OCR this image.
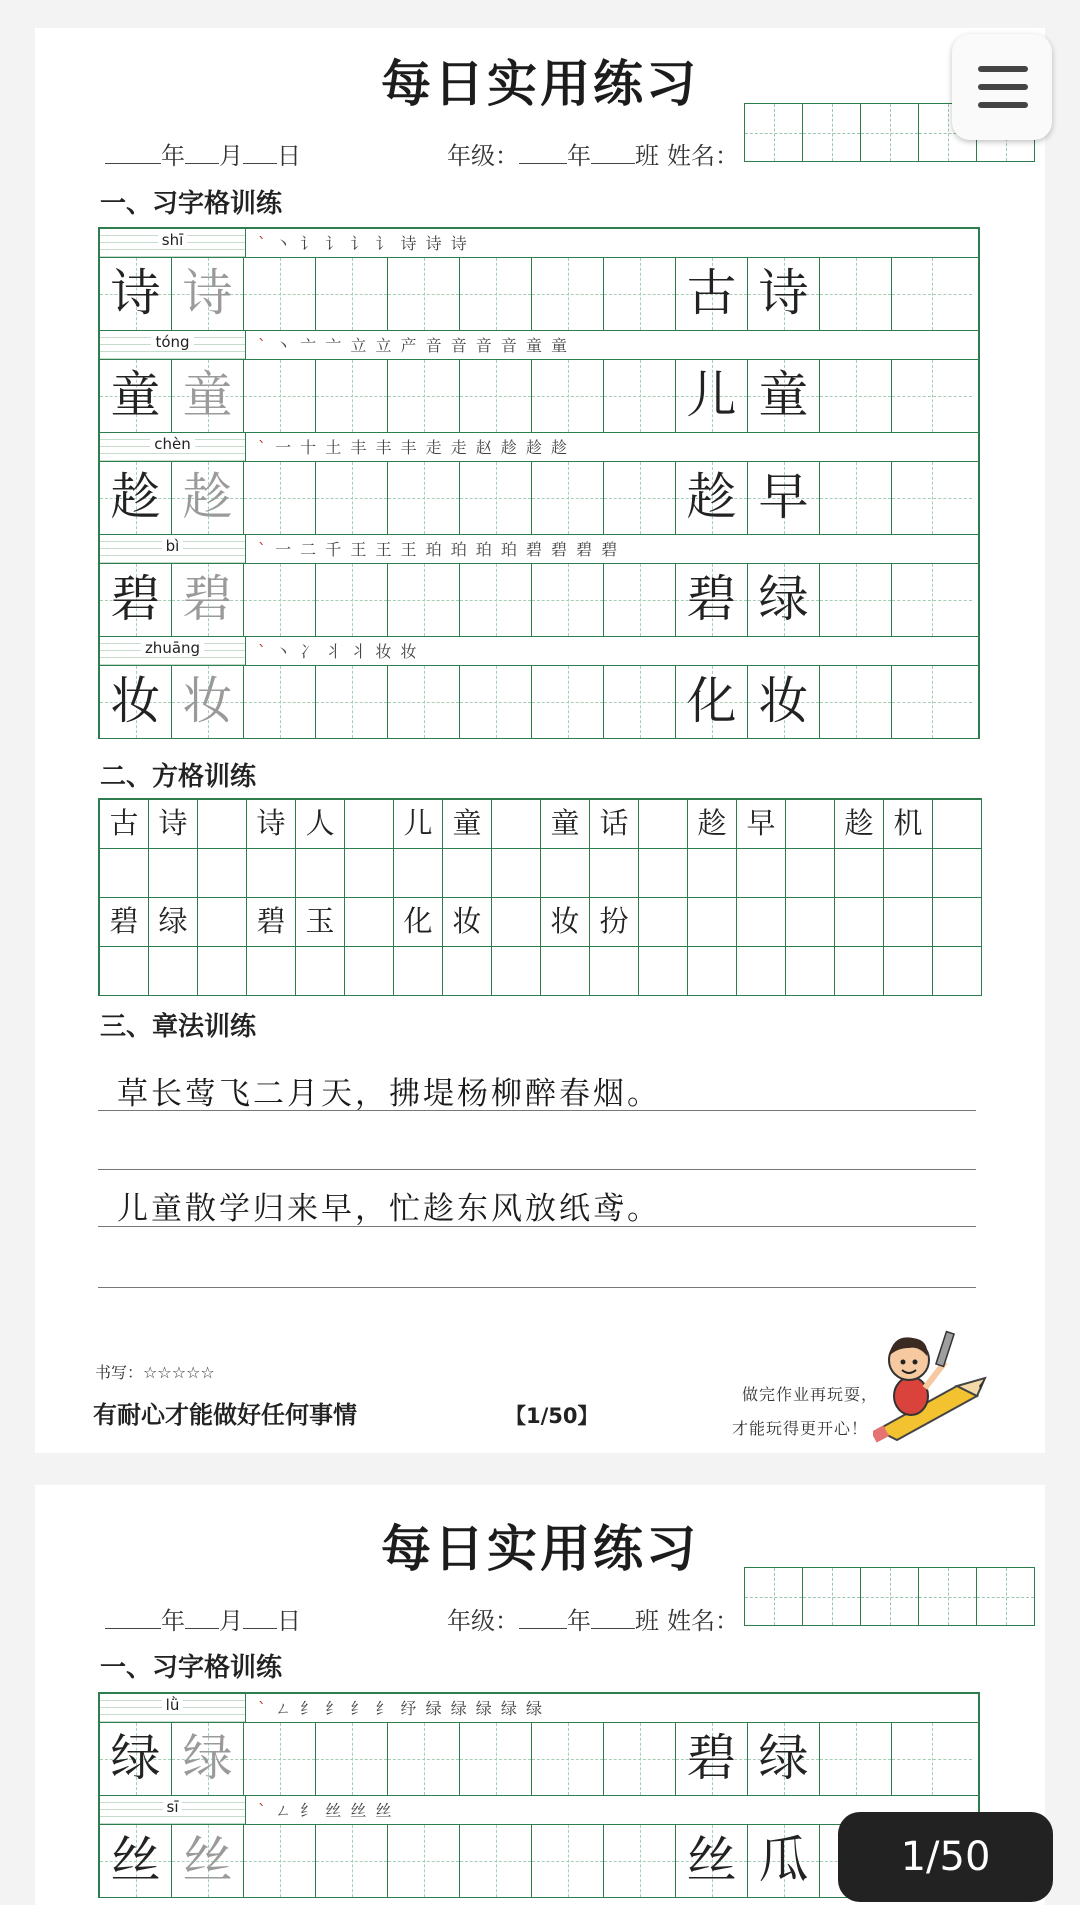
每日实用练习
年 月 日	年级： 年 班 姓名：
一、习字格训练
shī	ˋ 丶 讠 讠 讠 讠 诗 诗 诗
诗 诗	古 诗
tóng	ˋ 丶 亠 亠 立 立 产 音 音 音 音 童 童
童 童	儿 童
chèn	ˋ 一 十 土 丰 丰 丰 走 走 赵 趁 趁 趁
趁 趁	趁 早
bì	ˋ 一 二 千 王 王 王 珀 珀 珀 珀 碧 碧 碧 碧
碧 碧	碧 绿
zhuāng	ˋ 丶 冫 丬 丬 妆 妆
妆 妆	化 妆
二、方格训练
古 诗	诗 人	儿 童	童 话	趁 早	趁 机
碧 绿	碧 玉	化 妆	妆 扮
三、章法训练
草长莺飞二月天，拂堤杨柳醉春烟。
儿童散学归来早，忙趁东风放纸鸢。
书写：☆☆☆☆☆
有耐心才能做好任何事情	【1/50】
做完作业再玩耍，
才能玩得更开心！
每日实用练习
年 月 日	年级： 年 班 姓名：
一、习字格训练
lǜ	ˋ ㄥ 纟 纟 纟 纟 纾 绿 绿 绿 绿 绿
绿 绿	碧 绿
sī	ˋ ㄥ 纟 丝 丝 丝
丝 丝	丝 瓜	1/50
